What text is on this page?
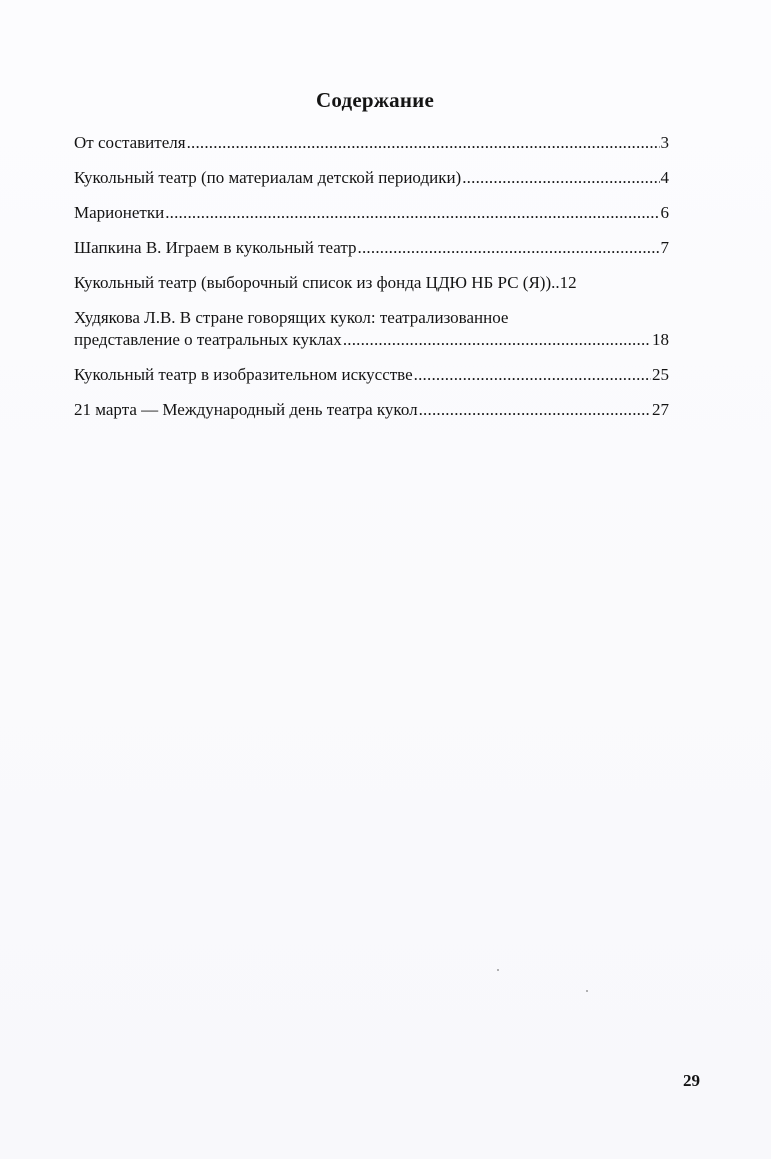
Содержание
От составителя .....	3
Кукольный театр (по материалам детской периодики) .....	4
Марионетки .....	6
Шапкина В. Играем в кукольный театр .....	7
Кукольный театр (выборочный список из фонда ЦДЮ НБ РС (Я)) .. 12
Худякова Л.В. В стране говорящих кукол: театрализованное
представление о театральных куклах .....	18
Кукольный театр в изобразительном искусстве .....	25
21 марта — Международный день театра кукол .....	27
29
